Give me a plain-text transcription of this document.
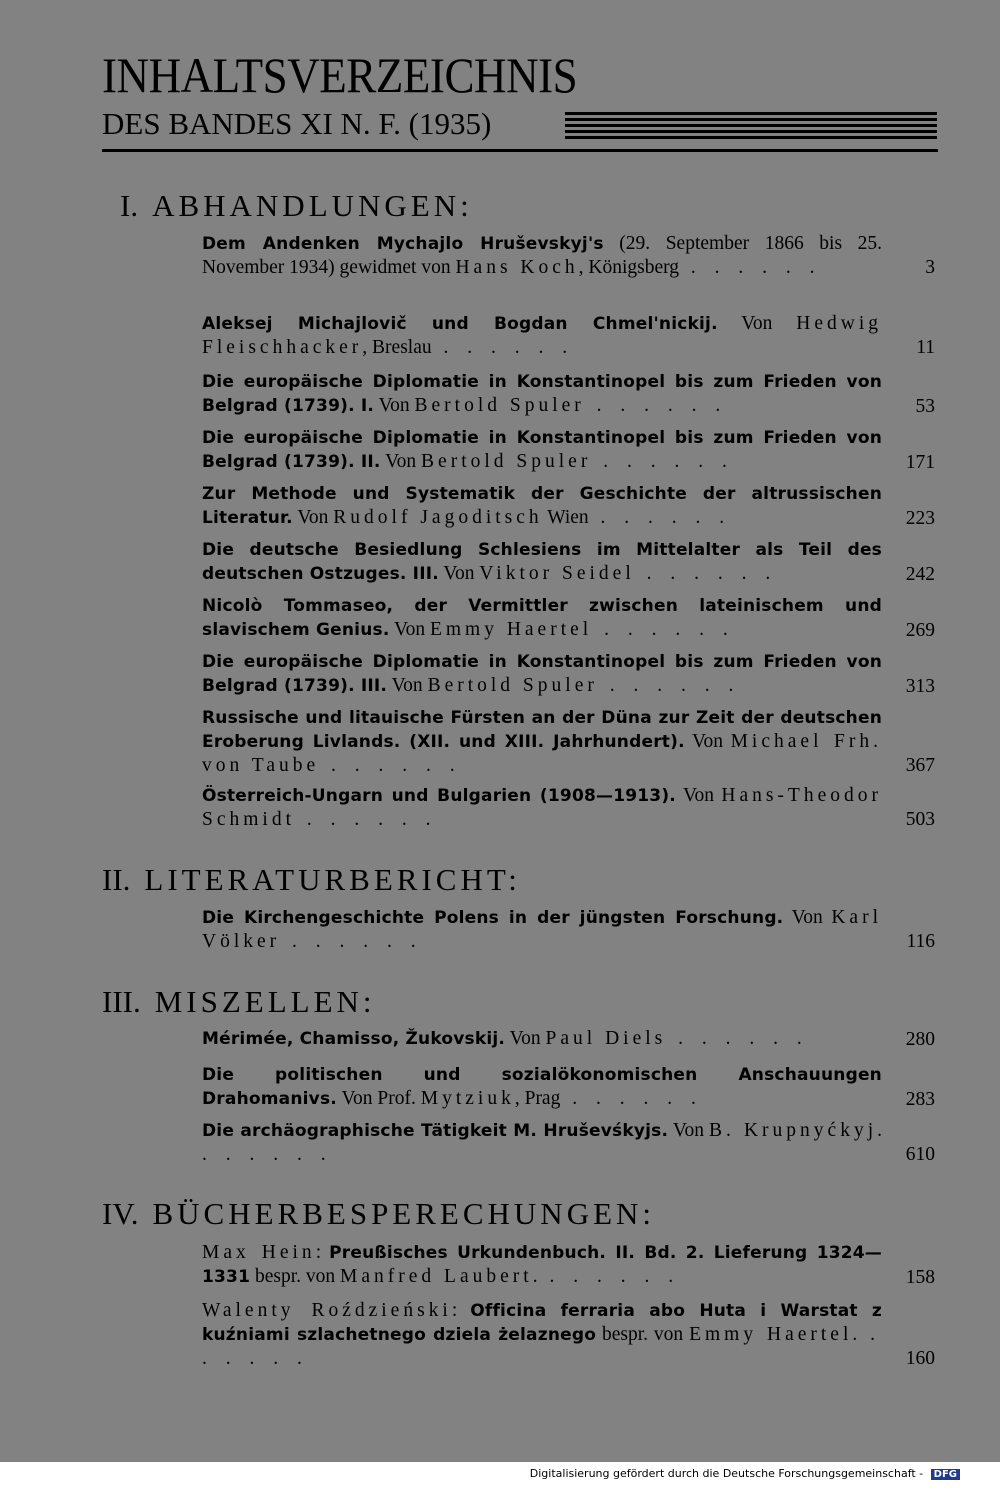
INHALTSVERZEICHNIS
DES BANDES XI N. F. (1935)
I. ABHANDLUNGEN:
Dem Andenken Mychajlo Hruševskyj's (29. September 1866 bis 25. November 1934) gewidmet von Hans Koch, Königsberg . . . . . .	3
Aleksej Michajlovič und Bogdan Chmel'nickij. Von Hedwig Fleischhacker, Breslau . . . . . .	11
Die europäische Diplomatie in Konstantinopel bis zum Frieden von Belgrad (1739). I. Von Bertold Spuler . . . . . .	53
Die europäische Diplomatie in Konstantinopel bis zum Frieden von Belgrad (1739). II. Von Bertold Spuler . . . . . .	171
Zur Methode und Systematik der Geschichte der altrussischen Literatur. Von Rudolf Jagoditsch Wien . . . . . .	223
Die deutsche Besiedlung Schlesiens im Mittelalter als Teil des deutschen Ostzuges. III. Von Viktor Seidel . . . . . .	242
Nicolò Tommaseo, der Vermittler zwischen lateinischem und slavischem Genius. Von Emmy Haertel . . . . . .	269
Die europäische Diplomatie in Konstantinopel bis zum Frieden von Belgrad (1739). III. Von Bertold Spuler . . . . . .	313
Russische und litauische Fürsten an der Düna zur Zeit der deutschen Eroberung Livlands. (XII. und XIII. Jahrhundert). Von Michael Frh. von Taube . . . . . .	367
Österreich-Ungarn und Bulgarien (1908—1913). Von Hans-Theodor Schmidt . . . . . .	503
II. LITERATURBERICHT:
Die Kirchengeschichte Polens in der jüngsten Forschung. Von Karl Völker . . . . . .	116
III. MISZELLEN:
Mérimée, Chamisso, Žukovskij. Von Paul Diels . . . . . .	280
Die politischen und sozialökonomischen Anschauungen Drahomanivs. Von Prof. Mytziuk, Prag . . . . . .	283
Die archäographische Tätigkeit M. Hruševśkyjs. Von B. Krupnyćkyj. . . . . . .	610
IV. BÜCHERBESPERECHUNGEN:
Max Hein: Preußisches Urkundenbuch. II. Bd. 2. Lieferung 1324—1331 bespr. von Manfred Laubert. . . . . . .	158
Walenty Roździeński: Officina ferraria abo Huta i Warstat z kuźniami szlachetnego dziela żelaznego bespr. von Emmy Haertel. . . . . . .	160
Digitalisierung gefördert durch die Deutsche Forschungsgemeinschaft - DFG
